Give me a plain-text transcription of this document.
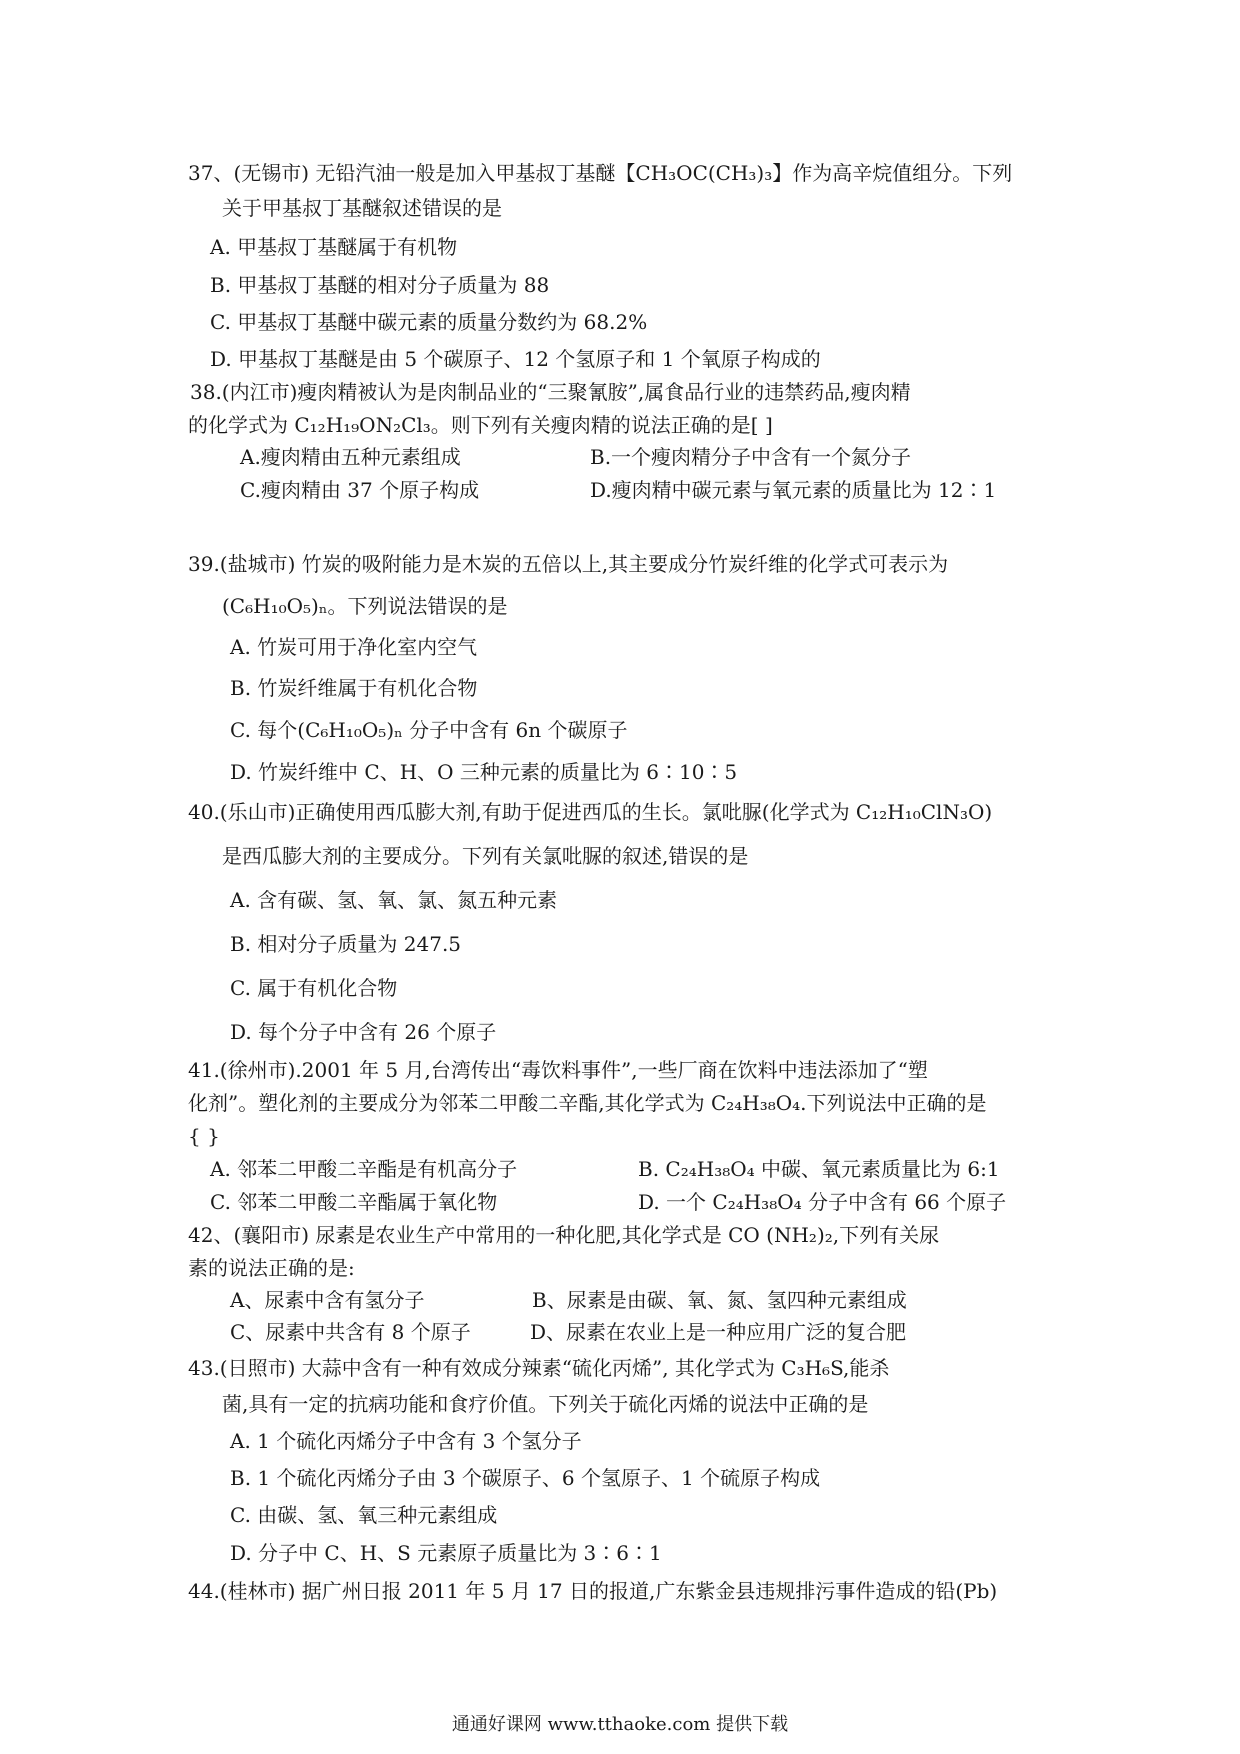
37、(无锡市) 无铅汽油一般是加入甲基叔丁基醚【CH₃OC(CH₃)₃】作为高辛烷值组分。下列
关于甲基叔丁基醚叙述错误的是
A. 甲基叔丁基醚属于有机物
B. 甲基叔丁基醚的相对分子质量为 88
C. 甲基叔丁基醚中碳元素的质量分数约为 68.2%
D. 甲基叔丁基醚是由 5 个碳原子、12 个氢原子和 1 个氧原子构成的
38.(内江市)瘦肉精被认为是肉制品业的“三聚氰胺”,属食品行业的违禁药品,瘦肉精
的化学式为 C₁₂H₁₉ON₂Cl₃。则下列有关瘦肉精的说法正确的是[ ]
A.瘦肉精由五种元素组成	B.一个瘦肉精分子中含有一个氮分子
C.瘦肉精由 37 个原子构成	D.瘦肉精中碳元素与氧元素的质量比为 12∶1
39.(盐城市) 竹炭的吸附能力是木炭的五倍以上,其主要成分竹炭纤维的化学式可表示为
(C₆H₁₀O₅)ₙ。下列说法错误的是
A. 竹炭可用于净化室内空气
B. 竹炭纤维属于有机化合物
C. 每个(C₆H₁₀O₅)ₙ 分子中含有 6n 个碳原子
D. 竹炭纤维中 C、H、O 三种元素的质量比为 6∶10∶5
40.(乐山市)正确使用西瓜膨大剂,有助于促进西瓜的生长。氯吡脲(化学式为 C₁₂H₁₀ClN₃O)
是西瓜膨大剂的主要成分。下列有关氯吡脲的叙述,错误的是
A. 含有碳、氢、氧、氯、氮五种元素
B. 相对分子质量为 247.5
C. 属于有机化合物
D. 每个分子中含有 26 个原子
41.(徐州市).2001 年 5 月,台湾传出“毒饮料事件”,一些厂商在饮料中违法添加了“塑
化剂”。塑化剂的主要成分为邻苯二甲酸二辛酯,其化学式为 C₂₄H₃₈O₄.下列说法中正确的是
{ }
A. 邻苯二甲酸二辛酯是有机高分子	B. C₂₄H₃₈O₄ 中碳、氧元素质量比为 6:1
C. 邻苯二甲酸二辛酯属于氧化物	D. 一个 C₂₄H₃₈O₄ 分子中含有 66 个原子
42、(襄阳市) 尿素是农业生产中常用的一种化肥,其化学式是 CO (NH₂)₂,下列有关尿
素的说法正确的是:
A、尿素中含有氢分子	B、尿素是由碳、氧、氮、氢四种元素组成
C、尿素中共含有 8 个原子	D、尿素在农业上是一种应用广泛的复合肥
43.(日照市) 大蒜中含有一种有效成分辣素“硫化丙烯”, 其化学式为 C₃H₆S,能杀
菌,具有一定的抗病功能和食疗价值。下列关于硫化丙烯的说法中正确的是
A. 1 个硫化丙烯分子中含有 3 个氢分子
B. 1 个硫化丙烯分子由 3 个碳原子、6 个氢原子、1 个硫原子构成
C. 由碳、氢、氧三种元素组成
D. 分子中 C、H、S 元素原子质量比为 3∶6∶1
44.(桂林市) 据广州日报 2011 年 5 月 17 日的报道,广东紫金县违规排污事件造成的铅(Pb)
通通好课网 www.tthaoke.com 提供下载
